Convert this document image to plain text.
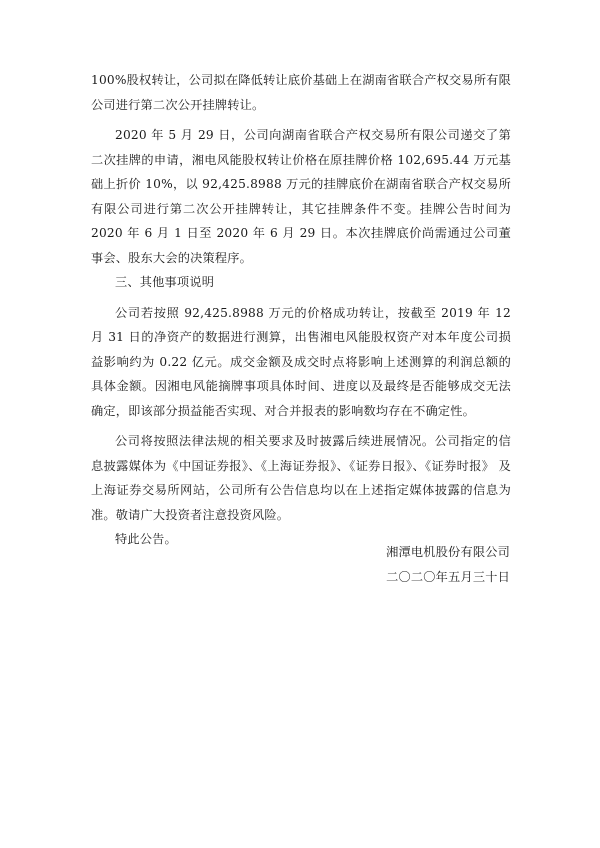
100%股权转让，公司拟在降低转让底价基础上在湖南省联合产权交易所有限公司进行第二次公开挂牌转让。

2020 年 5 月 29 日，公司向湖南省联合产权交易所有限公司递交了第二次挂牌的申请，湘电风能股权转让价格在原挂牌价格 102,695.44 万元基础上折价 10%，以 92,425.8988 万元的挂牌底价在湖南省联合产权交易所有限公司进行第二次公开挂牌转让，其它挂牌条件不变。挂牌公告时间为 2020 年 6 月 1 日至 2020 年 6 月 29 日。本次挂牌底价尚需通过公司董事会、股东大会的决策程序。

三、其他事项说明

公司若按照 92,425.8988 万元的价格成功转让，按截至 2019 年 12 月 31 日的净资产的数据进行测算，出售湘电风能股权资产对本年度公司损益影响约为 0.22 亿元。成交金额及成交时点将影响上述测算的利润总额的具体金额。因湘电风能摘牌事项具体时间、进度以及最终是否能够成交无法确定，即该部分损益能否实现、对合并报表的影响数均存在不确定性。

公司将按照法律法规的相关要求及时披露后续进展情况。公司指定的信息披露媒体为《中国证券报》、《上海证券报》、《证券日报》、《证券时报》 及上海证券交易所网站，公司所有公告信息均以在上述指定媒体披露的信息为准。敬请广大投资者注意投资风险。

特此公告。

湘潭电机股份有限公司
二〇二〇年五月三十日
